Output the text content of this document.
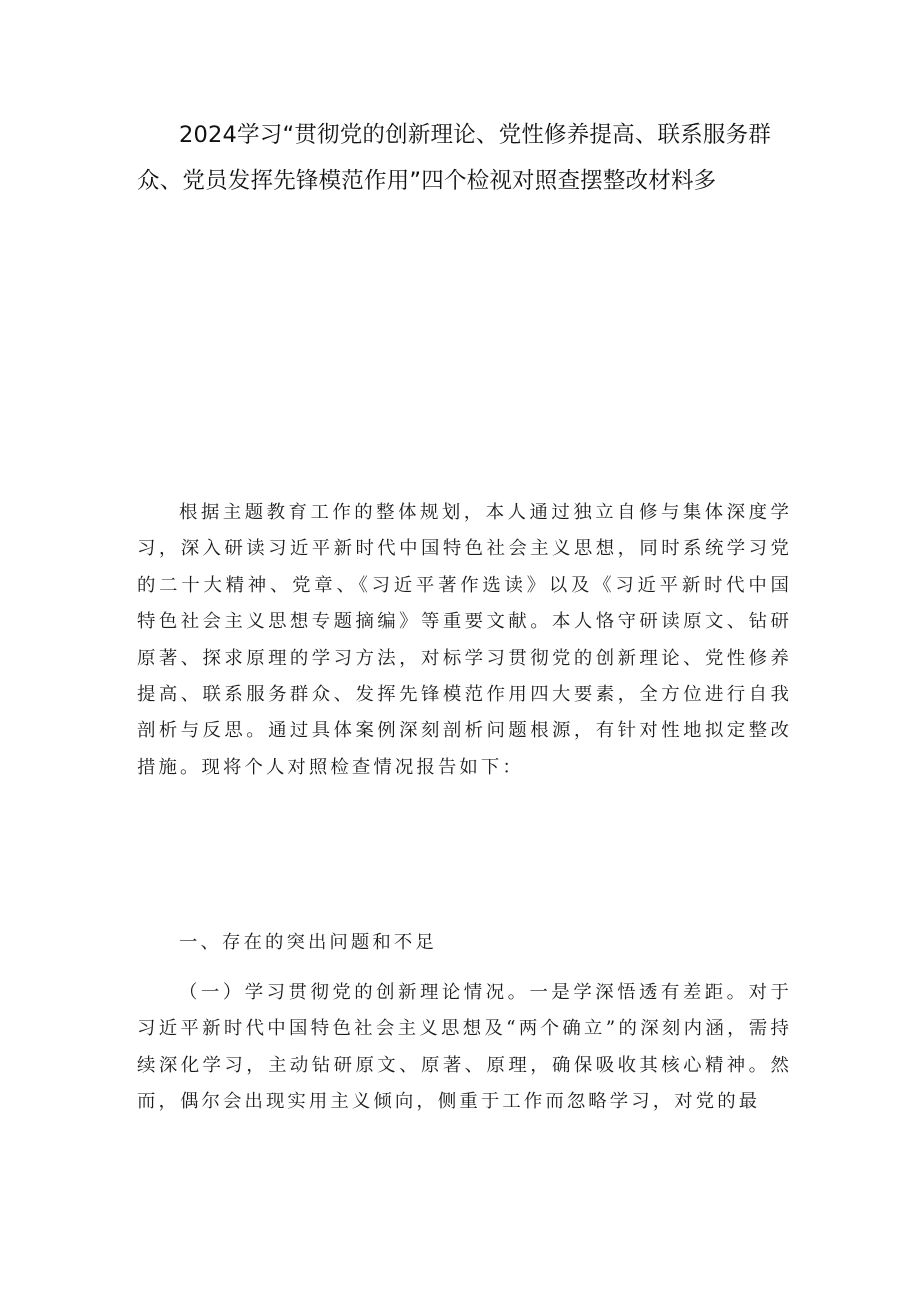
2024学习“贯彻党的创新理论、党性修养提高、联系服务群众、党员发挥先锋模范作用”四个检视对照查摆整改材料多

根据主题教育工作的整体规划，本人通过独立自修与集体深度学习，深入研读习近平新时代中国特色社会主义思想，同时系统学习党的二十大精神、党章、《习近平著作选读》以及《习近平新时代中国特色社会主义思想专题摘编》等重要文献。本人恪守研读原文、钻研原著、探求原理的学习方法，对标学习贯彻党的创新理论、党性修养提高、联系服务群众、发挥先锋模范作用四大要素，全方位进行自我剖析与反思。通过具体案例深刻剖析问题根源，有针对性地拟定整改措施。现将个人对照检查情况报告如下：

一、存在的突出问题和不足

（一）学习贯彻党的创新理论情况。一是学深悟透有差距。对于习近平新时代中国特色社会主义思想及“两个确立”的深刻内涵，需持续深化学习，主动钻研原文、原著、原理，确保吸收其核心精神。然而，偶尔会出现实用主义倾向，侧重于工作而忽略学习，对党的最
